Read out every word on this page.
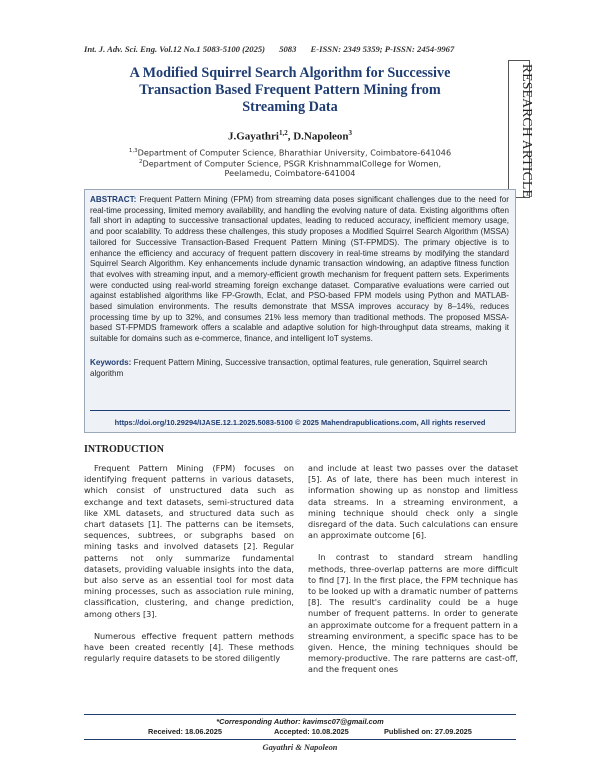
Int. J. Adv. Sci. Eng. Vol.12 No.1 5083-5100 (2025) 5083 E-ISSN: 2349 5359; P-ISSN: 2454-9967
RESEARCH ARTICLE
A Modified Squirrel Search Algorithm for Successive
Transaction Based Frequent Pattern Mining from
Streaming Data
J.Gayathri$^{1,2}$, D.Napoleon$^3$
$^{1,3}$Department of Computer Science, Bharathiar University, Coimbatore-641046
$^2$Department of Computer Science, PSGR KrishnammalCollege for Women,
Peelamedu, Coimbatore-641004
ABSTRACT: Frequent Pattern Mining (FPM) from streaming data poses significant challenges due to the need for real-time processing, limited memory availability, and handling the evolving nature of data. Existing algorithms often fall short in adapting to successive transactional updates, leading to reduced accuracy, inefficient memory usage, and poor scalability. To address these challenges, this study proposes a Modified Squirrel Search Algorithm (MSSA) tailored for Successive Transaction-Based Frequent Pattern Mining (ST-FPMDS). The primary objective is to enhance the efficiency and accuracy of frequent pattern discovery in real-time streams by modifying the standard Squirrel Search Algorithm. Key enhancements include dynamic transaction windowing, an adaptive fitness function that evolves with streaming input, and a memory-efficient growth mechanism for frequent pattern sets. Experiments were conducted using real-world streaming foreign exchange dataset. Comparative evaluations were carried out against established algorithms like FP-Growth, Eclat, and PSO-based FPM models using Python and MATLAB-based simulation environments. The results demonstrate that MSSA improves accuracy by 8–14%, reduces processing time by up to 32%, and consumes 21% less memory than traditional methods. The proposed MSSA-based ST-FPMDS framework offers a scalable and adaptive solution for high-throughput data streams, making it suitable for domains such as e-commerce, finance, and intelligent IoT systems.
Keywords: Frequent Pattern Mining, Successive transaction, optimal features, rule generation, Squirrel search algorithm
https://doi.org/10.29294/IJASE.12.1.2025.5083-5100 © 2025 Mahendrapublications.com, All rights reserved
INTRODUCTION

Frequent Pattern Mining (FPM) focuses on identifying frequent patterns in various datasets, which consist of unstructured data such as exchange and text datasets, semi-structured data like XML datasets, and structured data such as chart datasets [1]. The patterns can be itemsets, sequences, subtrees, or subgraphs based on mining tasks and involved datasets [2]. Regular patterns not only summarize fundamental datasets, providing valuable insights into the data, but also serve as an essential tool for most data mining processes, such as association rule mining, classification, clustering, and change prediction, among others [3].

Numerous effective frequent pattern methods have been created recently [4]. These methods regularly require datasets to be stored diligently

and include at least two passes over the dataset [5]. As of late, there has been much interest in information showing up as nonstop and limitless data streams. In a streaming environment, a mining technique should check only a single disregard of the data. Such calculations can ensure an approximate outcome [6].

In contrast to standard stream handling methods, three-overlap patterns are more difficult to find [7]. In the first place, the FPM technique has to be looked up with a dramatic number of patterns [8]. The result's cardinality could be a huge number of frequent patterns. In order to generate an approximate outcome for a frequent pattern in a streaming environment, a specific space has to be given. Hence, the mining techniques should be memory-productive. The rare patterns are cast-off, and the frequent ones

*Corresponding Author: kavimsc07@gmail.com
Received: 18.06.2025	Accepted: 10.08.2025	Published on: 27.09.2025
Gayathri & Napoleon
